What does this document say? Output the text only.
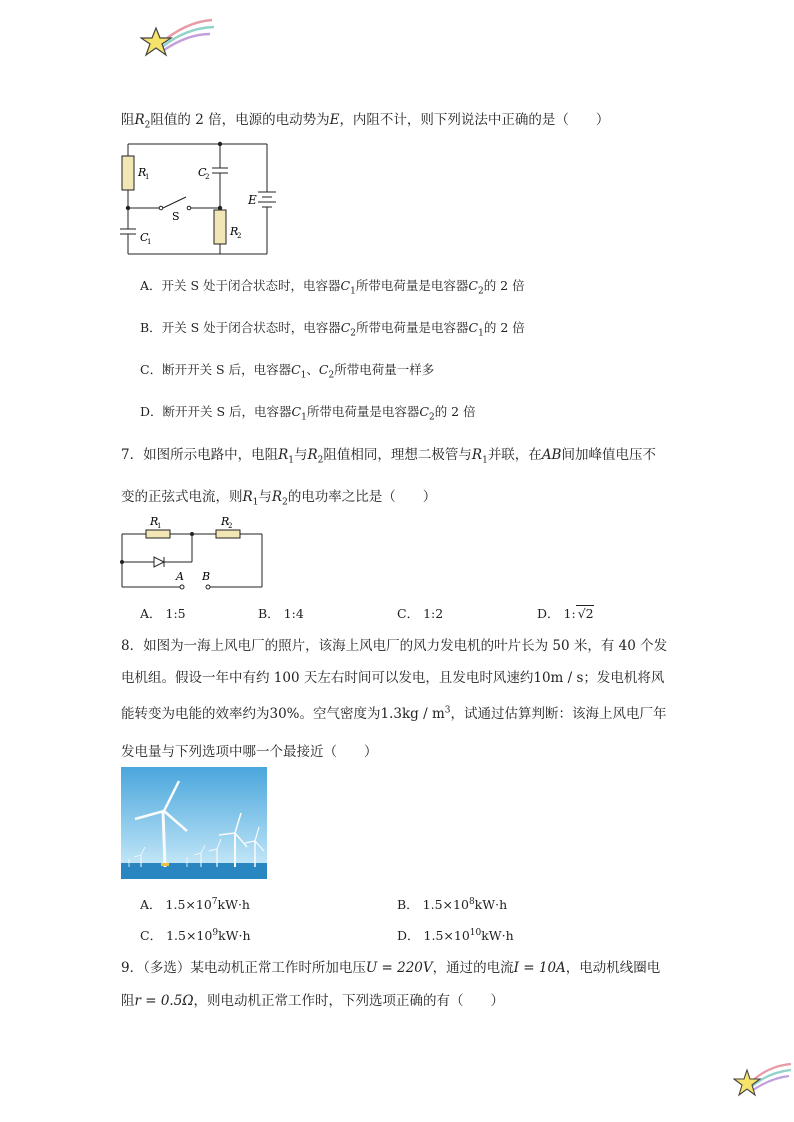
阻$R_2$阻值的 2 倍，电源的电动势为E，内阻不计，则下列说法中正确的是（　　）
R
1	C
2
S
E
C
1
R
2
A．开关 S 处于闭合状态时，电容器$C_1$所带电荷量是电容器$C_2$的 2 倍
B．开关 S 处于闭合状态时，电容器$C_2$所带电荷量是电容器$C_1$的 2 倍
C．断开开关 S 后，电容器$C_1$、$C_2$所带电荷量一样多
D．断开开关 S 后，电容器$C_1$所带电荷量是电容器$C_2$的 2 倍
7．如图所示电路中，电阻$R_1$与$R_2$阻值相同，理想二极管与$R_1$并联，在AB间加峰值电压不
变的正弦式电流，则$R_1$与$R_2$的电功率之比是（　　）
R
1	R
2
A B
A． 1:5	B． 1:4	C． 1:2	D． 1: √2
8．如图为一海上风电厂的照片，该海上风电厂的风力发电机的叶片长为 50 米，有 40 个发
电机组。假设一年中有约 100 天左右时间可以发电，且发电时风速约10m / s；发电机将风
能转变为电能的效率约为30%。空气密度为$1.3kg / m^3$，试通过估算判断：该海上风电厂年
发电量与下列选项中哪一个最接近（　　）
A． $1.5\times 10^7kW\cdot h$	B． $1.5\times 10^8kW\cdot h$
C． $1.5\times 10^9kW\cdot h$	D． $1.5\times 10^{10}kW\cdot h$
9．（多选）某电动机正常工作时所加电压U = 220V，通过的电流I = 10A，电动机线圈电
阻r = 0.5Ω，则电动机正常工作时，下列选项正确的有（　　）
